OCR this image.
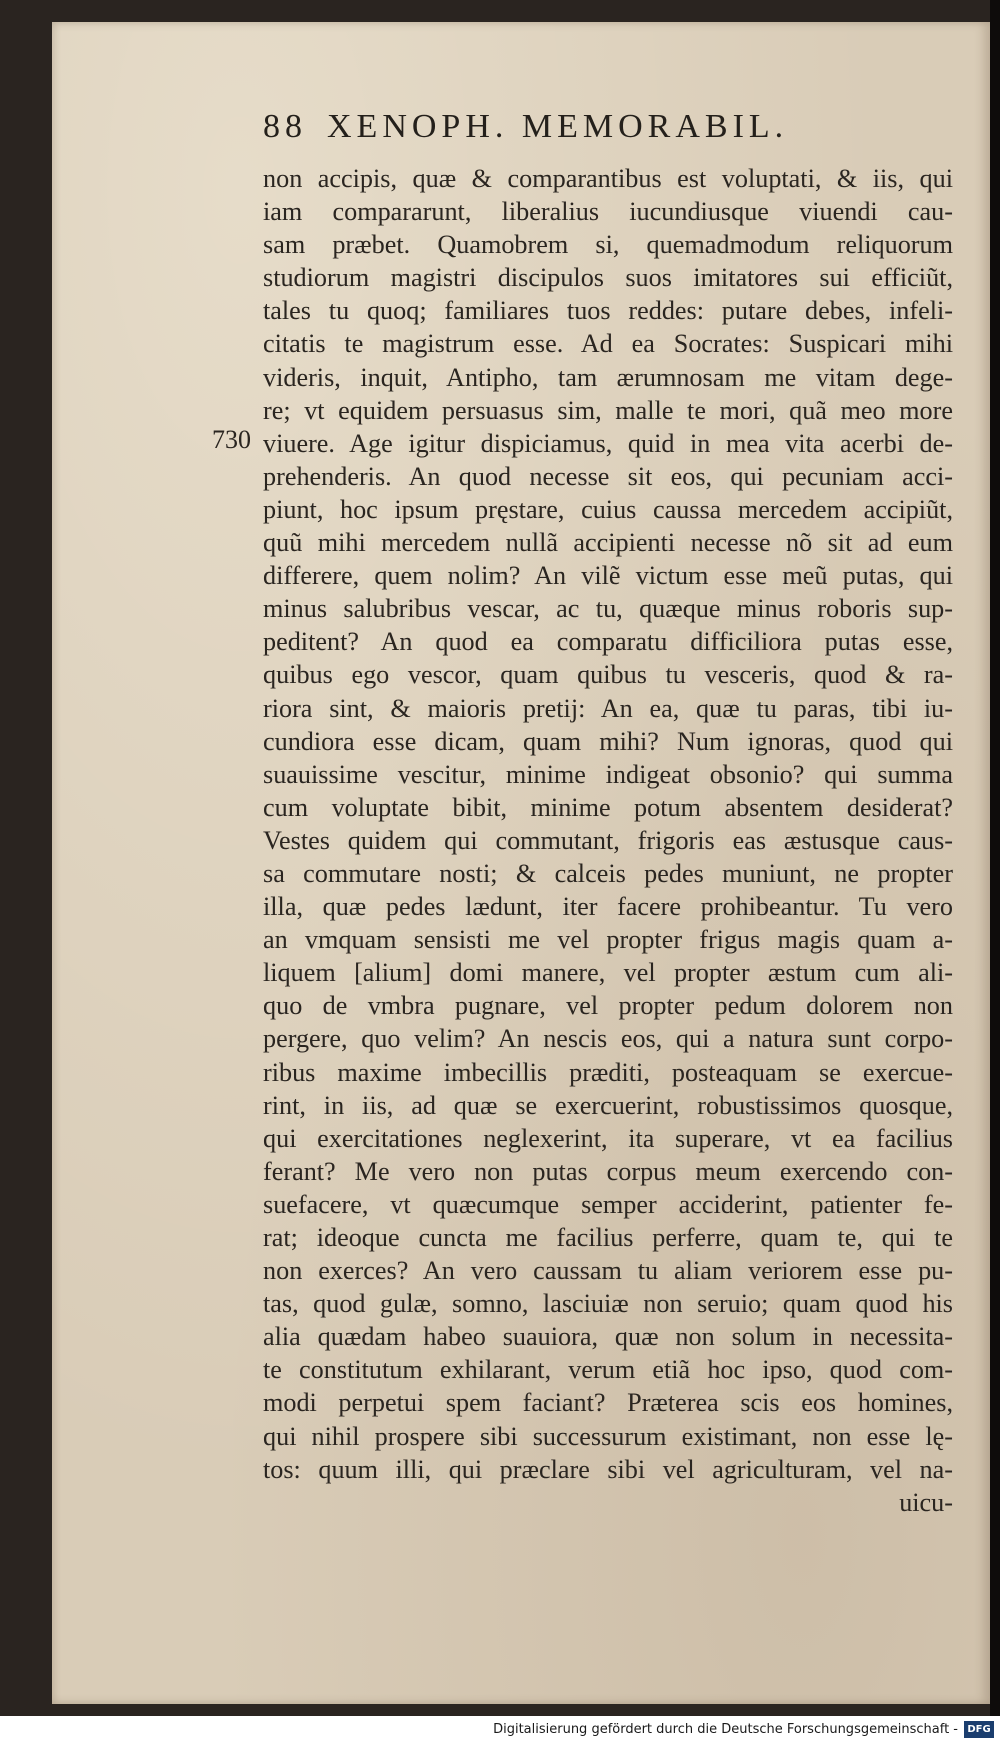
88 XENOPH. MEMORABIL.
730
non accipis, quæ & comparantibus est voluptati, & iis, qui
iam compararunt, liberalius iucundiusque viuendi cau-
sam præbet. Quamobrem si, quemadmodum reliquorum
studiorum magistri discipulos suos imitatores sui efficiũt,
tales tu quoq; familiares tuos reddes: putare debes, infeli-
citatis te magistrum esse. Ad ea Socrates: Suspicari mihi
videris, inquit, Antipho, tam ærumnosam me vitam dege-
re; vt equidem persuasus sim, malle te mori, quã meo more
viuere. Age igitur dispiciamus, quid in mea vita acerbi de-
prehenderis. An quod necesse sit eos, qui pecuniam acci-
piunt, hoc ipsum pręstare, cuius caussa mercedem accipiũt,
quũ mihi mercedem nullã accipienti necesse nõ sit ad eum
differere, quem nolim? An vilẽ victum esse meũ putas, qui
minus salubribus vescar, ac tu, quæque minus roboris sup-
peditent? An quod ea comparatu difficiliora putas esse,
quibus ego vescor, quam quibus tu vesceris, quod & ra-
riora sint, & maioris pretij: An ea, quæ tu paras, tibi iu-
cundiora esse dicam, quam mihi? Num ignoras, quod qui
suauissime vescitur, minime indigeat obsonio? qui summa
cum voluptate bibit, minime potum absentem desiderat?
Vestes quidem qui commutant, frigoris eas æstusque caus-
sa commutare nosti; & calceis pedes muniunt, ne propter
illa, quæ pedes lædunt, iter facere prohibeantur. Tu vero
an vmquam sensisti me vel propter frigus magis quam a-
liquem [alium] domi manere, vel propter æstum cum ali-
quo de vmbra pugnare, vel propter pedum dolorem non
pergere, quo velim? An nescis eos, qui a natura sunt corpo-
ribus maxime imbecillis præditi, posteaquam se exercue-
rint, in iis, ad quæ se exercuerint, robustissimos quosque,
qui exercitationes neglexerint, ita superare, vt ea facilius
ferant? Me vero non putas corpus meum exercendo con-
suefacere, vt quæcumque semper acciderint, patienter fe-
rat; ideoque cuncta me facilius perferre, quam te, qui te
non exerces? An vero caussam tu aliam veriorem esse pu-
tas, quod gulæ, somno, lasciuiæ non seruio; quam quod his
alia quædam habeo suauiora, quæ non solum in necessita-
te constitutum exhilarant, verum etiã hoc ipso, quod com-
modi perpetui spem faciant? Præterea scis eos homines,
qui nihil prospere sibi successurum existimant, non esse lę-
tos: quum illi, qui præclare sibi vel agriculturam, vel na-
uicu-
Digitalisierung gefördert durch die Deutsche Forschungsgemeinschaft - DFG
